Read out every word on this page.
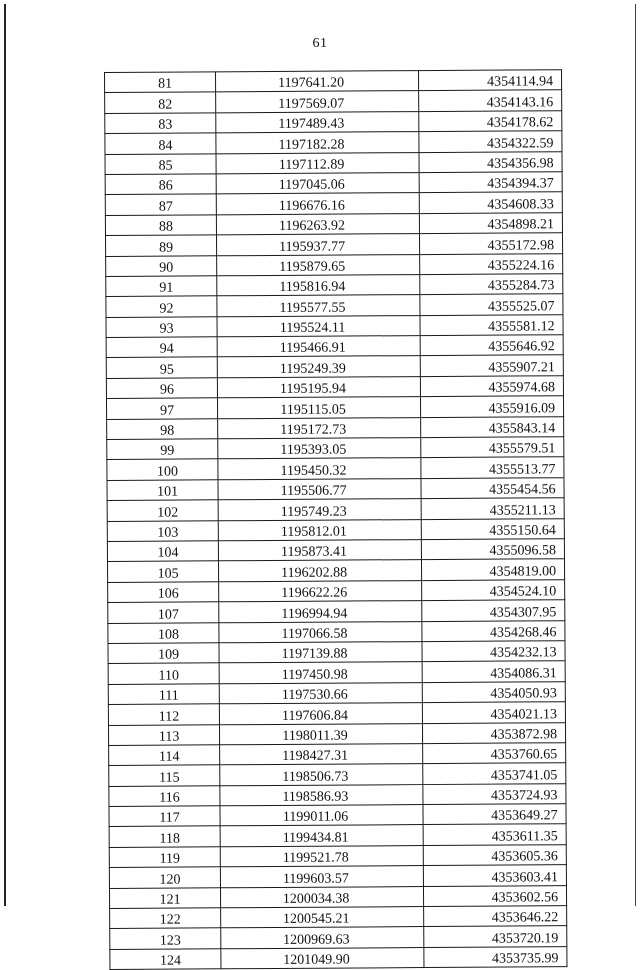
61
81	1197641.20	4354114.94
82	1197569.07	4354143.16
83	1197489.43	4354178.62
84	1197182.28	4354322.59
85	1197112.89	4354356.98
86	1197045.06	4354394.37
87	1196676.16	4354608.33
88	1196263.92	4354898.21
89	1195937.77	4355172.98
90	1195879.65	4355224.16
91	1195816.94	4355284.73
92	1195577.55	4355525.07
93	1195524.11	4355581.12
94	1195466.91	4355646.92
95	1195249.39	4355907.21
96	1195195.94	4355974.68
97	1195115.05	4355916.09
98	1195172.73	4355843.14
99	1195393.05	4355579.51
100	1195450.32	4355513.77
101	1195506.77	4355454.56
102	1195749.23	4355211.13
103	1195812.01	4355150.64
104	1195873.41	4355096.58
105	1196202.88	4354819.00
106	1196622.26	4354524.10
107	1196994.94	4354307.95
108	1197066.58	4354268.46
109	1197139.88	4354232.13
110	1197450.98	4354086.31
111	1197530.66	4354050.93
112	1197606.84	4354021.13
113	1198011.39	4353872.98
114	1198427.31	4353760.65
115	1198506.73	4353741.05
116	1198586.93	4353724.93
117	1199011.06	4353649.27
118	1199434.81	4353611.35
119	1199521.78	4353605.36
120	1199603.57	4353603.41
121	1200034.38	4353602.56
122	1200545.21	4353646.22
123	1200969.63	4353720.19
124	1201049.90	4353735.99
